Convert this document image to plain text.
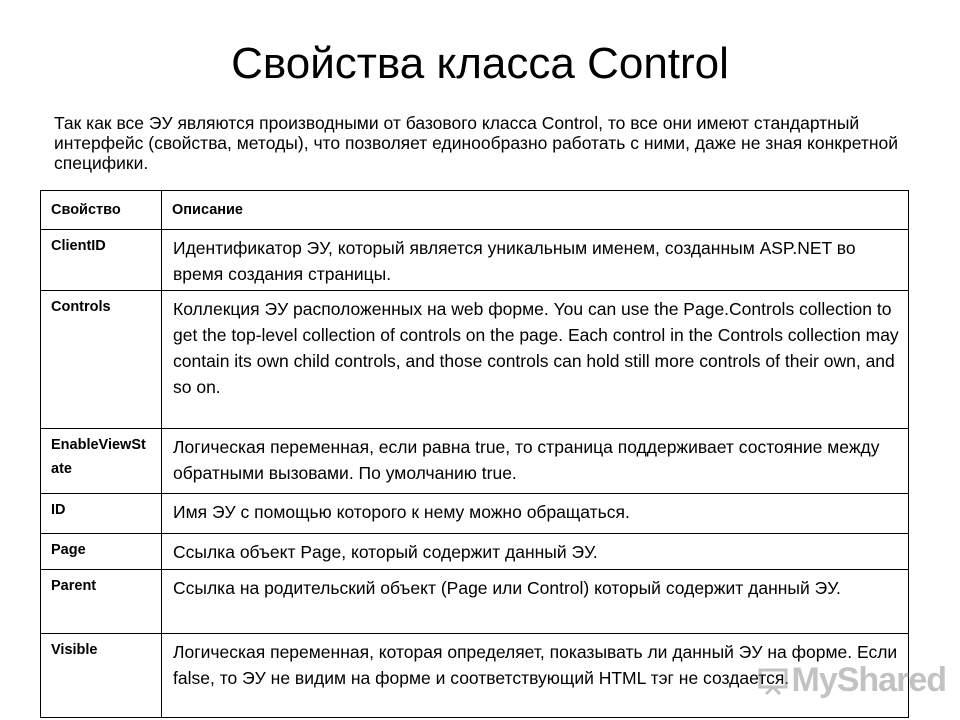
Свойства класса Control

Так как все ЭУ являются производными от базового класса Control, то все они имеют стандартный интерфейс (свойства, методы), что позволяет единообразно работать с ними, даже не зная конкретной специфики.

Свойство	Описание

ClientID	Идентификатор ЭУ, который является уникальным именем, созданным ASP.NET во время создания страницы.

Controls	Коллекция ЭУ расположенных на web форме. You can use the Page.Controls collection to get the top-level collection of controls on the page. Each control in the Controls collection may contain its own child controls, and those controls can hold still more controls of their own, and so on.

EnableViewState	Логическая переменная, если равна true, то страница поддерживает состояние между обратными вызовами. По умолчанию true.

ID	Имя ЭУ с помощью которого к нему можно обращаться.

Page	Ссылка объект Page, который содержит данный ЭУ.

Parent	Ссылка на родительский объект (Page или Control) который содержит данный ЭУ.

Visible	Логическая переменная, которая определяет, показывать ли данный ЭУ на форме. Если false, то ЭУ не видим на форме и соответствующий HTML тэг не создается. MyShared
